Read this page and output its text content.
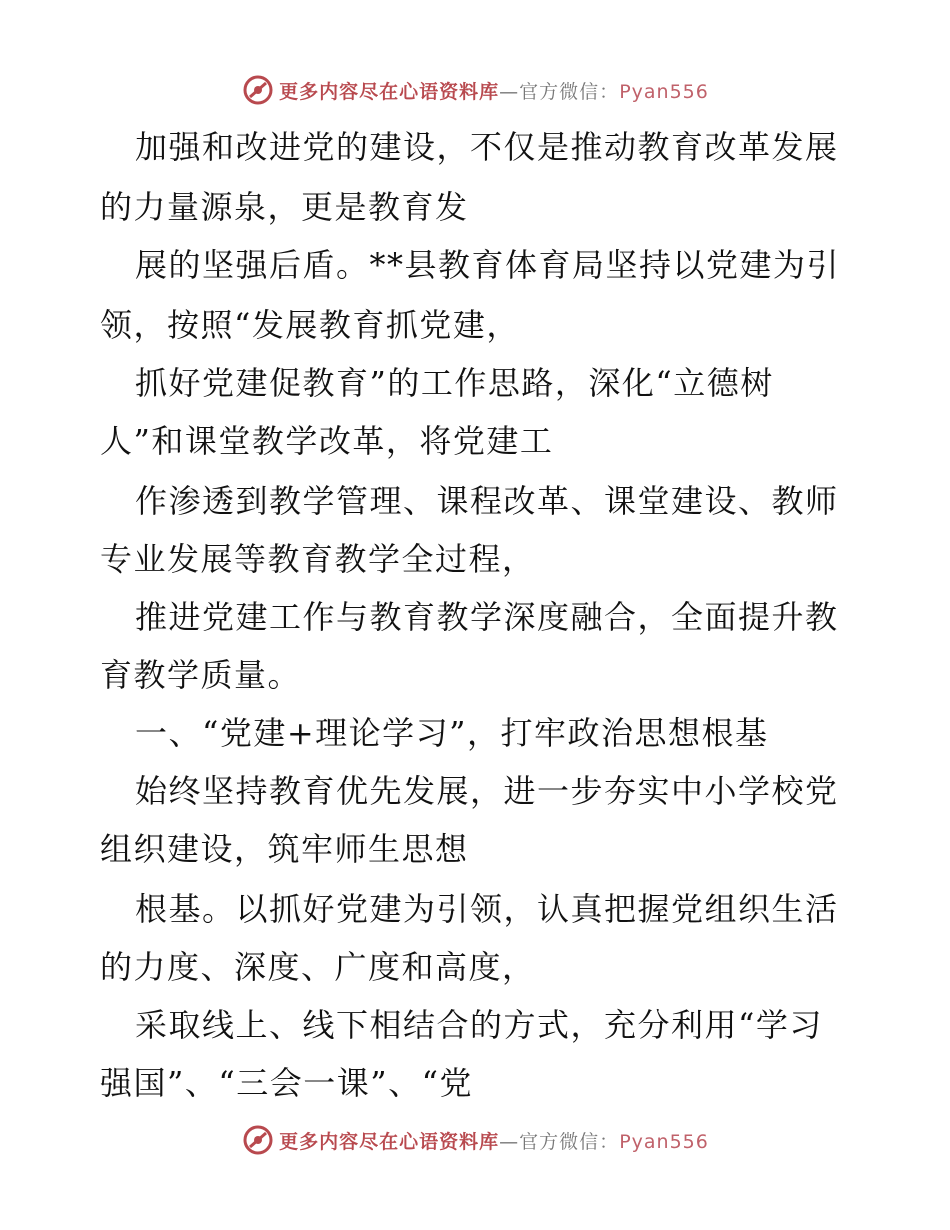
更多内容尽在心语资料库—官方微信：Pyan556
加强和改进党的建设，不仅是推动教育改革发展
的力量源泉，更是教育发
展的坚强后盾。**县教育体育局坚持以党建为引
领，按照“发展教育抓党建，
抓好党建促教育”的工作思路，深化“立德树
人”和课堂教学改革，将党建工
作渗透到教学管理、课程改革、课堂建设、教师
专业发展等教育教学全过程，
推进党建工作与教育教学深度融合，全面提升教
育教学质量。
一、“党建+理论学习”，打牢政治思想根基
始终坚持教育优先发展，进一步夯实中小学校党
组织建设，筑牢师生思想
根基。以抓好党建为引领，认真把握党组织生活
的力度、深度、广度和高度，
采取线上、线下相结合的方式，充分利用“学习
强国”、“三会一课”、“党
更多内容尽在心语资料库—官方微信：Pyan556
